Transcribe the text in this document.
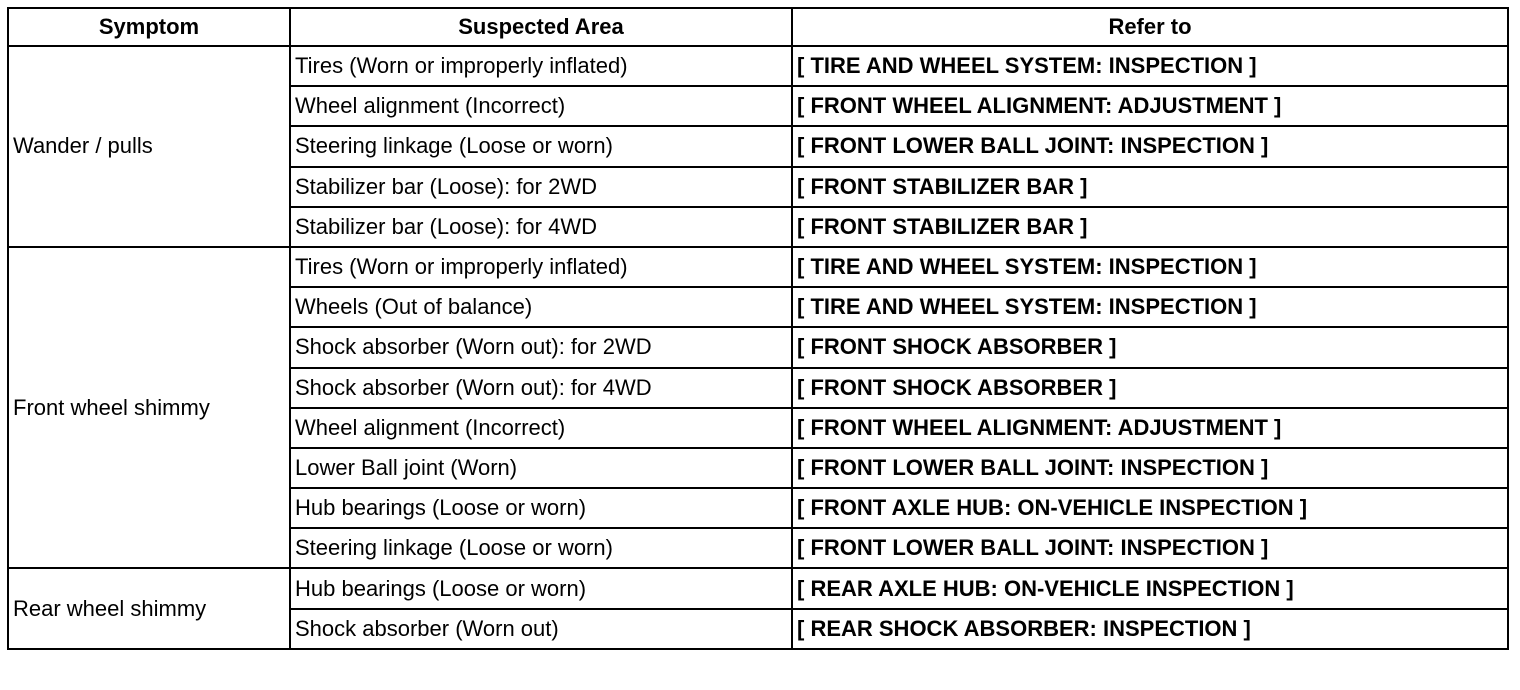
Symptom	Suspected Area	Refer to
Wander / pulls	Tires (Worn or improperly inflated)	[ TIRE AND WHEEL SYSTEM: INSPECTION ]
	Wheel alignment (Incorrect)	[ FRONT WHEEL ALIGNMENT: ADJUSTMENT ]
	Steering linkage (Loose or worn)	[ FRONT LOWER BALL JOINT: INSPECTION ]
	Stabilizer bar (Loose): for 2WD	[ FRONT STABILIZER BAR ]
	Stabilizer bar (Loose): for 4WD	[ FRONT STABILIZER BAR ]
Front wheel shimmy	Tires (Worn or improperly inflated)	[ TIRE AND WHEEL SYSTEM: INSPECTION ]
	Wheels (Out of balance)	[ TIRE AND WHEEL SYSTEM: INSPECTION ]
	Shock absorber (Worn out): for 2WD	[ FRONT SHOCK ABSORBER ]
	Shock absorber (Worn out): for 4WD	[ FRONT SHOCK ABSORBER ]
	Wheel alignment (Incorrect)	[ FRONT WHEEL ALIGNMENT: ADJUSTMENT ]
	Lower Ball joint (Worn)	[ FRONT LOWER BALL JOINT: INSPECTION ]
	Hub bearings (Loose or worn)	[ FRONT AXLE HUB: ON-VEHICLE INSPECTION ]
	Steering linkage (Loose or worn)	[ FRONT LOWER BALL JOINT: INSPECTION ]
Rear wheel shimmy	Hub bearings (Loose or worn)	[ REAR AXLE HUB: ON-VEHICLE INSPECTION ]
	Shock absorber (Worn out)	[ REAR SHOCK ABSORBER: INSPECTION ]
